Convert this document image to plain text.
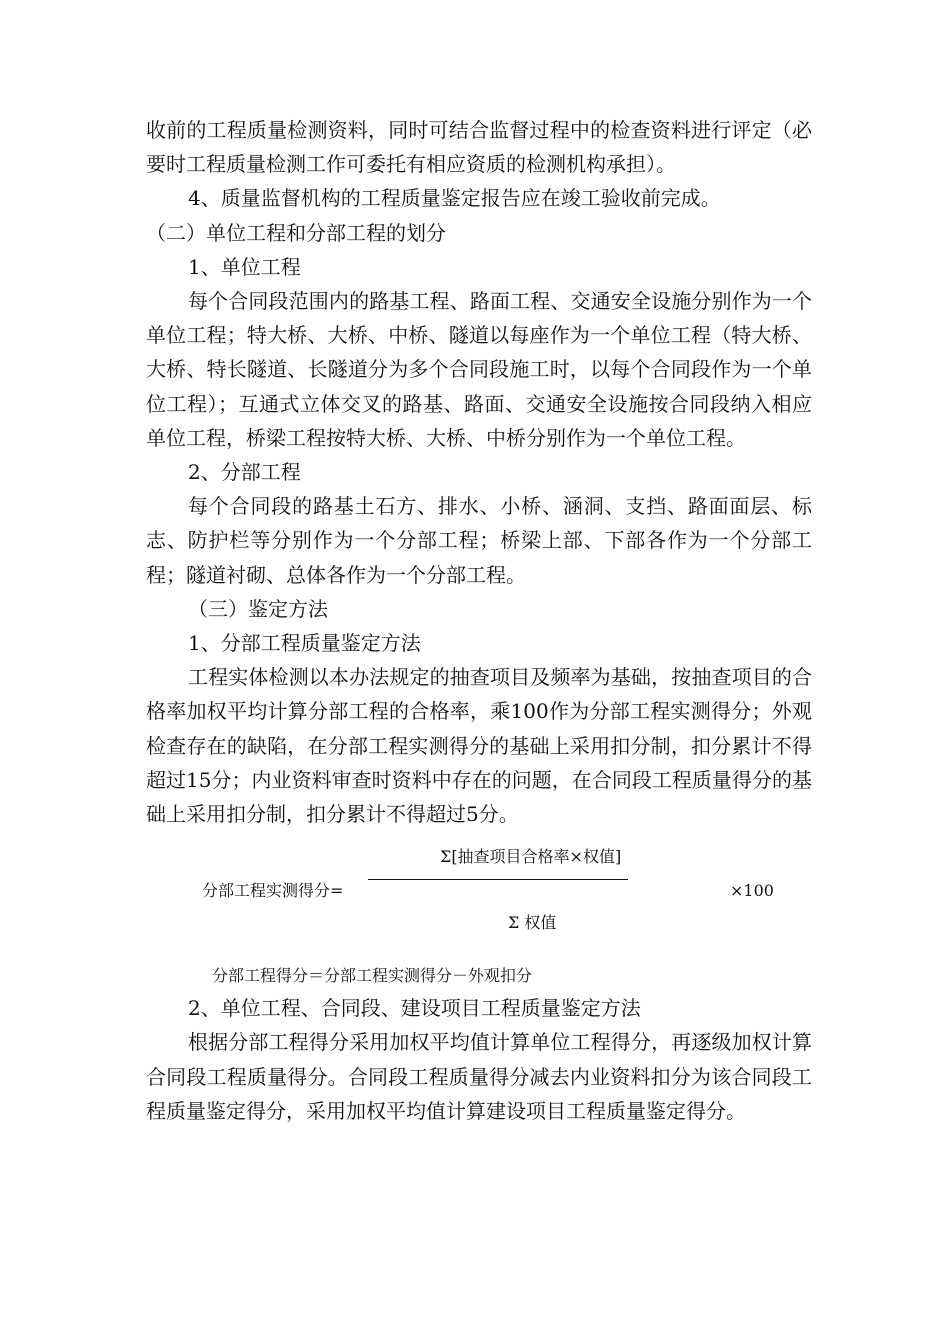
收前的工程质量检测资料，同时可结合监督过程中的检查资料进行评定（必要时工程质量检测工作可委托有相应资质的检测机构承担）。

4、质量监督机构的工程质量鉴定报告应在竣工验收前完成。

（二）单位工程和分部工程的划分

1、单位工程

每个合同段范围内的路基工程、路面工程、交通安全设施分别作为一个单位工程；特大桥、大桥、中桥、隧道以每座作为一个单位工程（特大桥、大桥、特长隧道、长隧道分为多个合同段施工时，以每个合同段作为一个单位工程）；互通式立体交叉的路基、路面、交通安全设施按合同段纳入相应单位工程，桥梁工程按特大桥、大桥、中桥分别作为一个单位工程。

2、分部工程

每个合同段的路基土石方、排水、小桥、涵洞、支挡、路面面层、标志、防护栏等分别作为一个分部工程；桥梁上部、下部各作为一个分部工程；隧道衬砌、总体各作为一个分部工程。

（三）鉴定方法

1、分部工程质量鉴定方法

工程实体检测以本办法规定的抽查项目及频率为基础，按抽查项目的合格率加权平均计算分部工程的合格率，乘100作为分部工程实测得分；外观检查存在的缺陷，在分部工程实测得分的基础上采用扣分制，扣分累计不得超过15分；内业资料审查时资料中存在的问题，在合同段工程质量得分的基础上采用扣分制，扣分累计不得超过5分。

Σ[抽查项目合格率×权值]
分部工程实测得分=
Σ 权值
×100

分部工程得分＝分部工程实测得分－外观扣分

2、单位工程、合同段、建设项目工程质量鉴定方法

根据分部工程得分采用加权平均值计算单位工程得分，再逐级加权计算合同段工程质量得分。合同段工程质量得分减去内业资料扣分为该合同段工程质量鉴定得分，采用加权平均值计算建设项目工程质量鉴定得分。
